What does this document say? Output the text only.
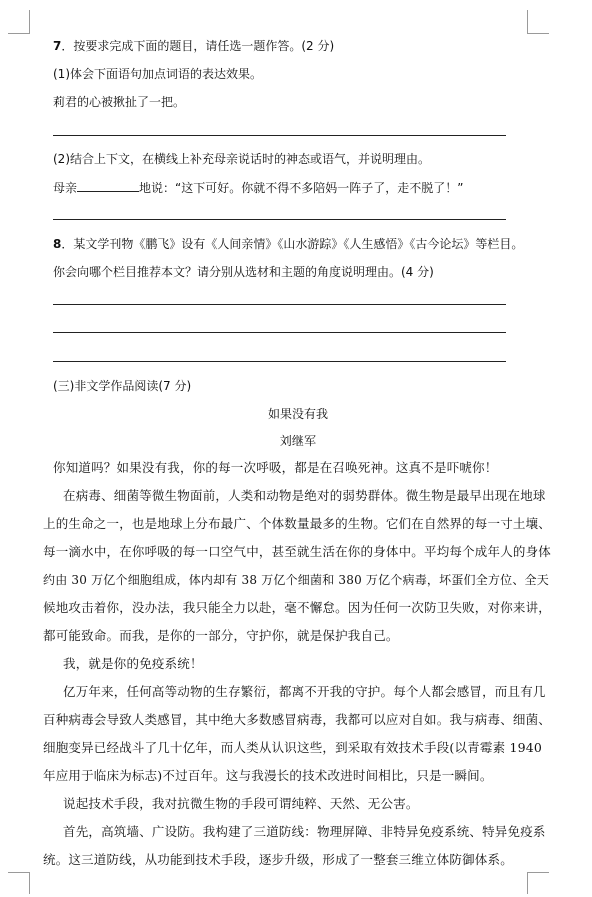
7．按要求完成下面的题目，请任选一题作答。(2 分)
(1)体会下面语句加点词语的表达效果。
莉君的心被揪扯了一把。
(2)结合上下文，在横线上补充母亲说话时的神态或语气，并说明理由。
母亲	地说：“这下可好。你就不得不多陪妈一阵子了，走不脱了！”
8．某文学刊物《鹏飞》设有《人间亲情》《山水游踪》《人生感悟》《古今论坛》等栏目。
你会向哪个栏目推荐本文？请分别从选材和主题的角度说明理由。(4 分)
(三)非文学作品阅读(7 分)
如果没有我
刘继军
你知道吗？如果没有我，你的每一次呼吸，都是在召唤死神。这真不是吓唬你！
在病毒、细菌等微生物面前，人类和动物是绝对的弱势群体。微生物是最早出现在地球
上的生命之一，也是地球上分布最广、个体数量最多的生物。它们在自然界的每一寸土壤、
每一滴水中，在你呼吸的每一口空气中，甚至就生活在你的身体中。平均每个成年人的身体
约由 30 万亿个细胞组成，体内却有 38 万亿个细菌和 380 万亿个病毒，坏蛋们全方位、全天
候地攻击着你，没办法，我只能全力以赴，毫不懈怠。因为任何一次防卫失败，对你来讲，
都可能致命。而我，是你的一部分，守护你，就是保护我自己。
我，就是你的免疫系统！
亿万年来，任何高等动物的生存繁衍，都离不开我的守护。每个人都会感冒，而且有几
百种病毒会导致人类感冒，其中绝大多数感冒病毒，我都可以应对自如。我与病毒、细菌、
细胞变异已经战斗了几十亿年，而人类从认识这些，到采取有效技术手段(以青霉素 1940
年应用于临床为标志)不过百年。这与我漫长的技术改进时间相比，只是一瞬间。
说起技术手段，我对抗微生物的手段可谓纯粹、天然、无公害。
首先，高筑墙、广设防。我构建了三道防线：物理屏障、非特异免疫系统、特异免疫系
统。这三道防线，从功能到技术手段，逐步升级，形成了一整套三维立体防御体系。
